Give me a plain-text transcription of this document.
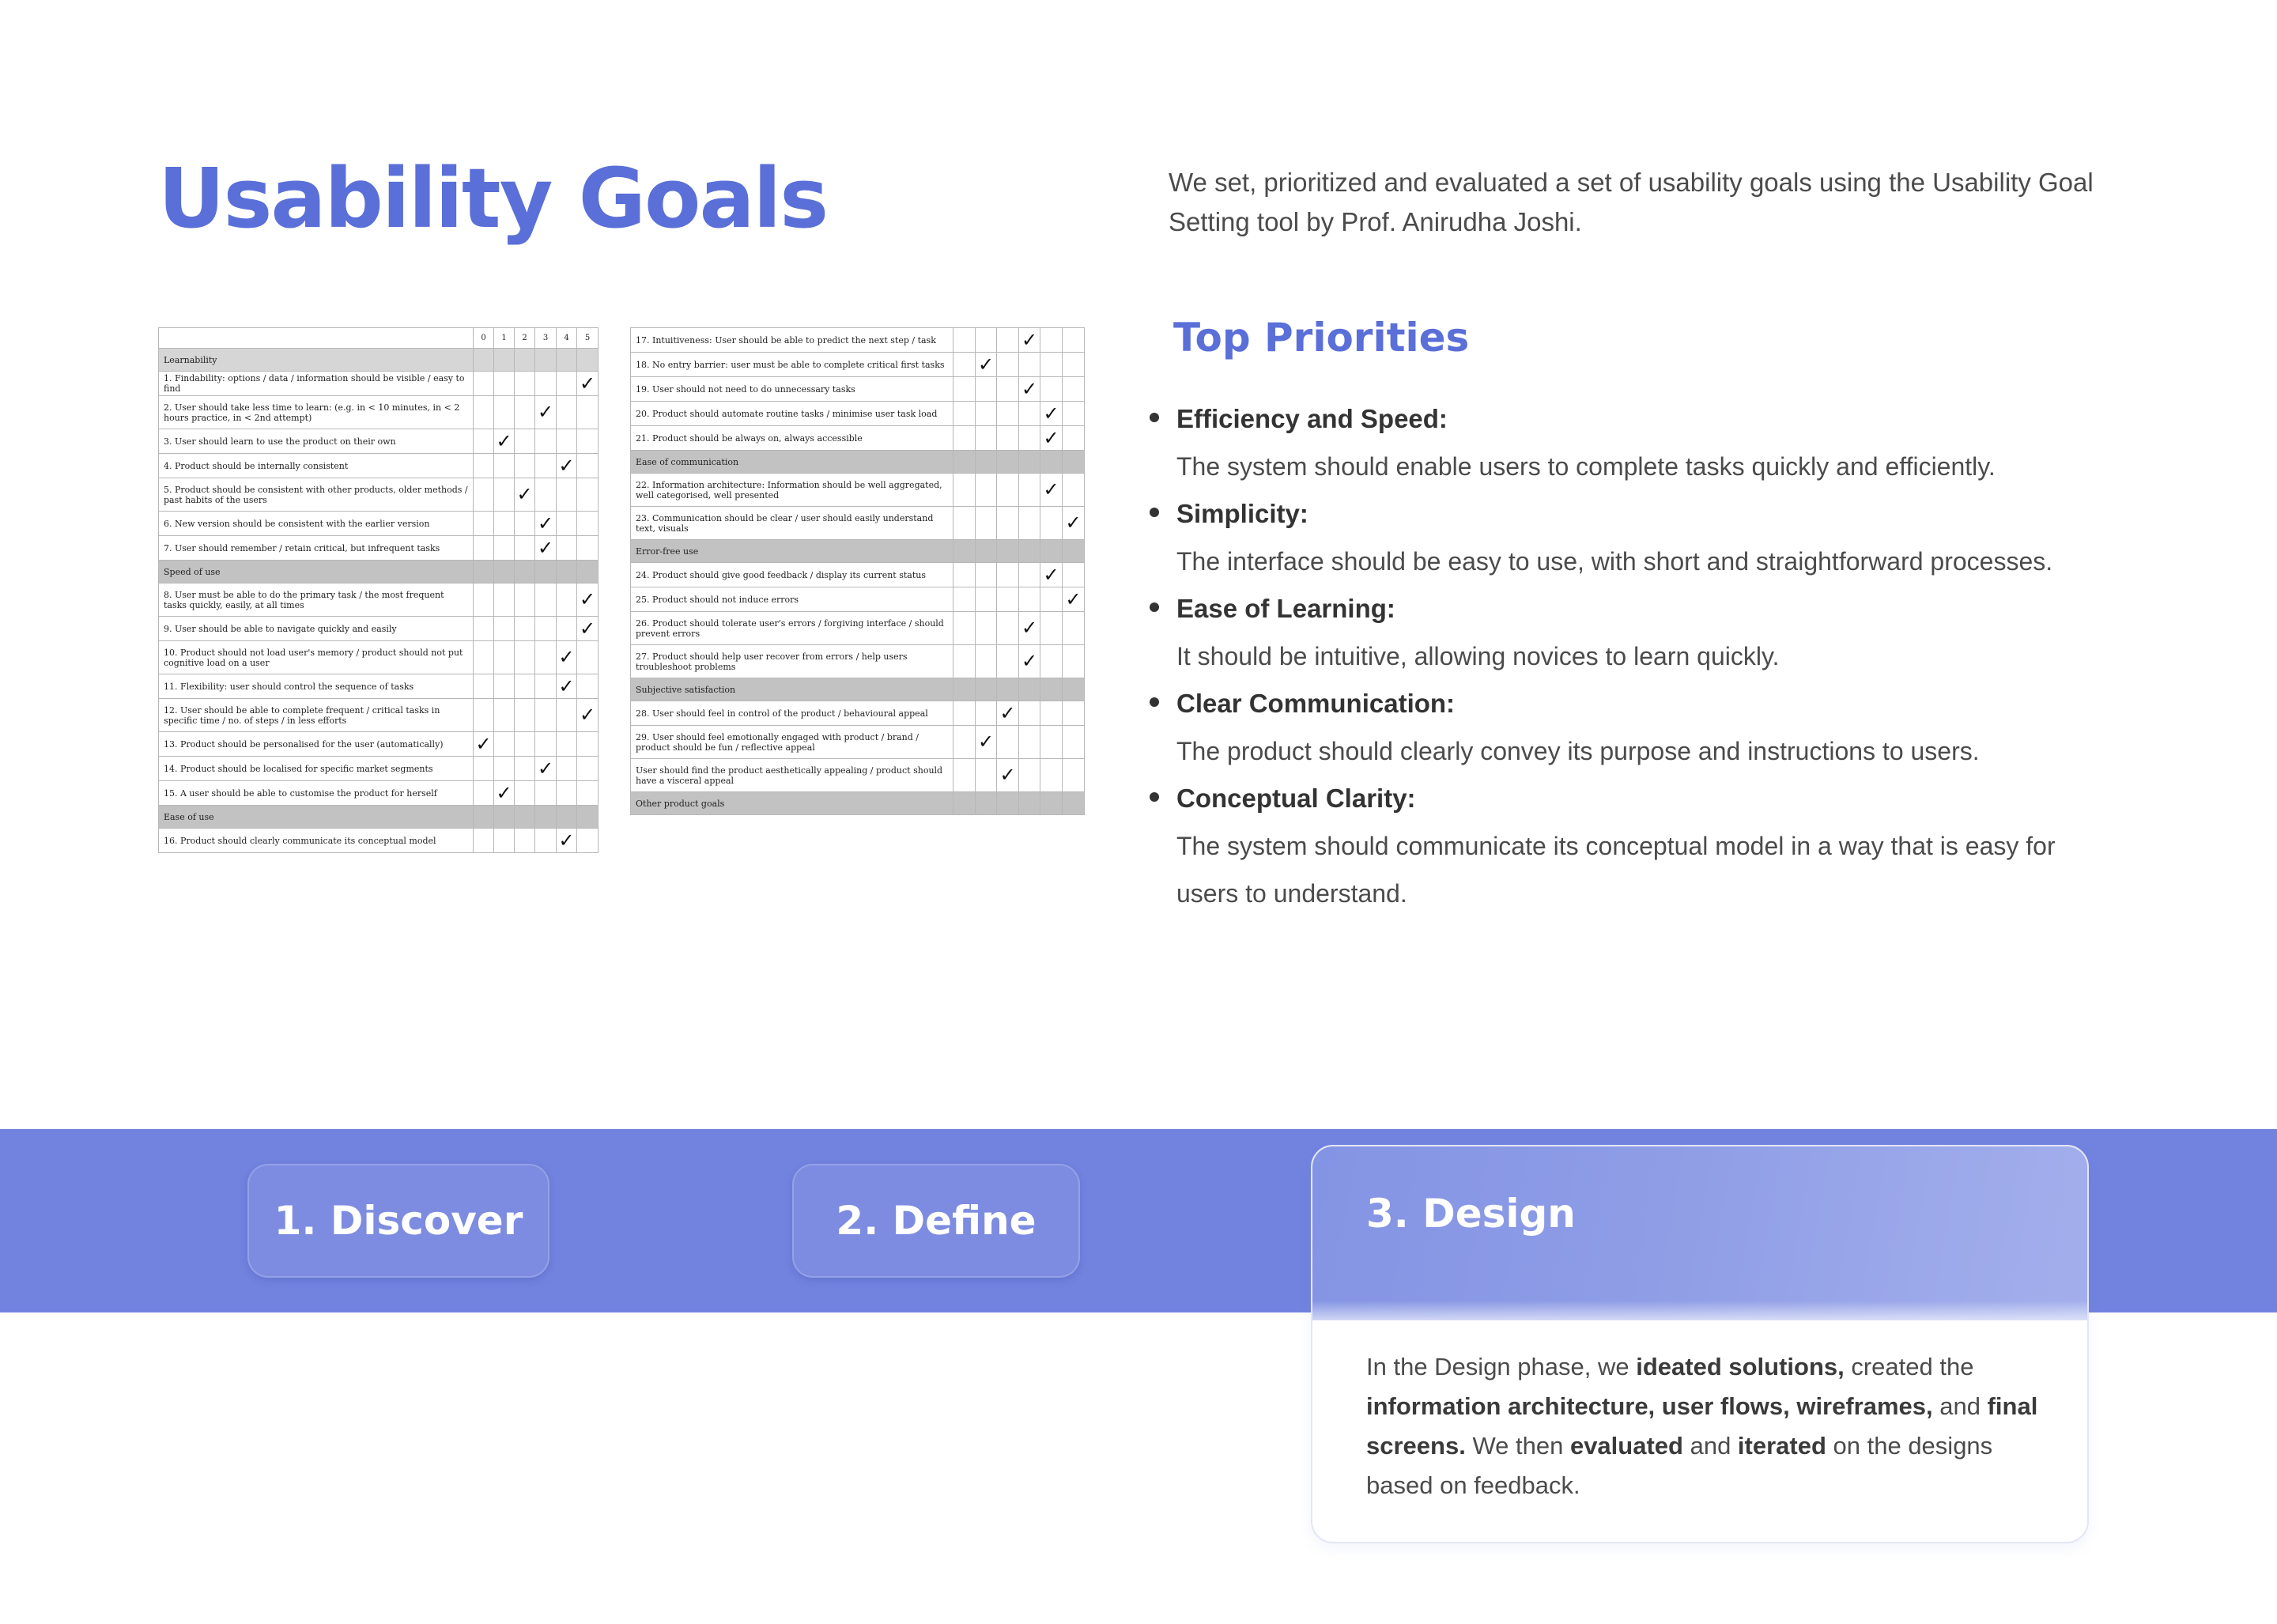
Usability Goals	We set, prioritized and evaluated a set of usability goals using the Usability Goal Setting tool by Prof. Anirudha Joshi.

	0	1	2	3	4	5
Learnability						
1. Findability: options / data / information should be visible / easy to find						✓
2. User should take less time to learn: (e.g. in < 10 minutes, in < 2 hours practice, in < 2nd attempt)				✓		
3. User should learn to use the product on their own		✓				
4. Product should be internally consistent					✓	
5. Product should be consistent with other products, older methods / past habits of the users			✓			
6. New version should be consistent with the earlier version				✓		
7. User should remember / retain critical, but infrequent tasks				✓		
Speed of use						
8. User must be able to do the primary task / the most frequent tasks quickly, easily, at all times						✓
9. User should be able to navigate quickly and easily						✓
10. Product should not load user's memory / product should not put cognitive load on a user					✓	
11. Flexibility: user should control the sequence of tasks					✓	
12. User should be able to complete frequent / critical tasks in specific time / no. of steps / in less efforts						✓
13. Product should be personalised for the user (automatically)	✓					
14. Product should be localised for specific market segments				✓		
15. A user should be able to customise the product for herself		✓				
Ease of use						
16. Product should clearly communicate its conceptual model					✓	
17. Intuitiveness: User should be able to predict the next step / task				✓		
18. No entry barrier: user must be able to complete critical first tasks		✓				
19. User should not need to do unnecessary tasks				✓		
20. Product should automate routine tasks / minimise user task load					✓	
21. Product should be always on, always accessible					✓	
Ease of communication						
22. Information architecture: Information should be well aggregated, well categorised, well presented					✓	
23. Communication should be clear / user should easily understand text, visuals						✓
Error-free use						
24. Product should give good feedback / display its current status					✓	
25. Product should not induce errors						✓
26. Product should tolerate user's errors / forgiving interface / should prevent errors				✓		
27. Product should help user recover from errors / help users troubleshoot problems				✓		
Subjective satisfaction						
28. User should feel in control of the product / behavioural appeal			✓			
29. User should feel emotionally engaged with product / brand / product should be fun / reflective appeal		✓				
User should find the product aesthetically appealing / product should have a visceral appeal			✓			
Other product goals						
Top Priorities
Efficiency and Speed:
The system should enable users to complete tasks quickly and efficiently.
Simplicity:
The interface should be easy to use, with short and straightforward processes.
Ease of Learning:
It should be intuitive, allowing novices to learn quickly.
Clear Communication:
The product should clearly convey its purpose and instructions to users.
Conceptual Clarity:
The system should communicate its conceptual model in a way that is easy for users to understand.
1. Discover	2. Define	3. Design

In the Design phase, we ideated solutions, created the information architecture, user flows, wireframes, and final screens. We then evaluated and iterated on the designs based on feedback.
